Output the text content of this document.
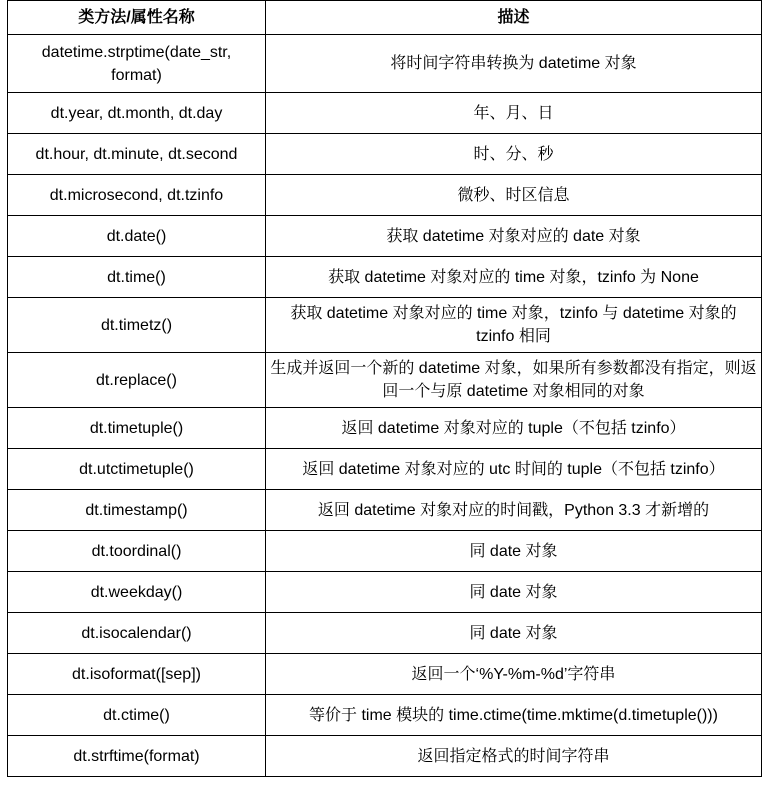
类方法/属性名称	描述
datetime.strptime(date_str, format)	将时间字符串转换为 datetime 对象
dt.year, dt.month, dt.day	年、月、日
dt.hour, dt.minute, dt.second	时、分、秒
dt.microsecond, dt.tzinfo	微秒、时区信息
dt.date()	获取 datetime 对象对应的 date 对象
dt.time()	获取 datetime 对象对应的 time 对象，tzinfo 为 None
dt.timetz()	获取 datetime 对象对应的 time 对象，tzinfo 与 datetime 对象的 tzinfo 相同
dt.replace()	生成并返回一个新的 datetime 对象，如果所有参数都没有指定，则返回一个与原 datetime 对象相同的对象
dt.timetuple()	返回 datetime 对象对应的 tuple（不包括 tzinfo）
dt.utctimetuple()	返回 datetime 对象对应的 utc 时间的 tuple（不包括 tzinfo）
dt.timestamp()	返回 datetime 对象对应的时间戳，Python 3.3 才新增的
dt.toordinal()	同 date 对象
dt.weekday()	同 date 对象
dt.isocalendar()	同 date 对象
dt.isoformat([sep])	返回一个‘%Y-%m-%d’字符串
dt.ctime()	等价于 time 模块的 time.ctime(time.mktime(d.timetuple()))
dt.strftime(format)	返回指定格式的时间字符串
